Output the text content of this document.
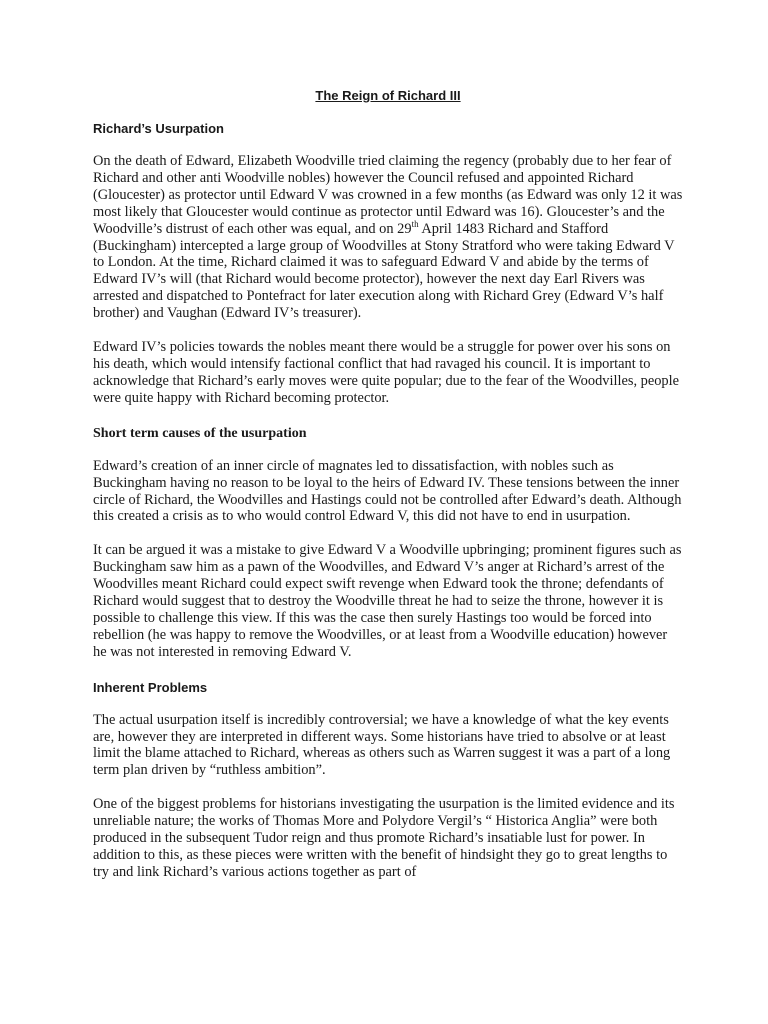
The Reign of Richard III
Richard’s Usurpation

On the death of Edward, Elizabeth Woodville tried claiming the regency (probably due to her fear of Richard and other anti Woodville nobles) however the Council refused and appointed Richard (Gloucester) as protector until Edward V was crowned in a few months (as Edward was only 12 it was most likely that Gloucester would continue as protector until Edward was 16). Gloucester’s and the Woodville’s distrust of each other was equal, and on 29th April 1483 Richard and Stafford (Buckingham) intercepted a large group of Woodvilles at Stony Stratford who were taking Edward V to London. At the time, Richard claimed it was to safeguard Edward V and abide by the terms of Edward IV’s will (that Richard would become protector), however the next day Earl Rivers was arrested and dispatched to Pontefract for later execution along with Richard Grey (Edward V’s half brother) and Vaughan (Edward IV’s treasurer).

Edward IV’s policies towards the nobles meant there would be a struggle for power over his sons on his death, which would intensify factional conflict that had ravaged his council. It is important to acknowledge that Richard’s early moves were quite popular; due to the fear of the Woodvilles, people were quite happy with Richard becoming protector.

Short term causes of the usurpation

Edward’s creation of an inner circle of magnates led to dissatisfaction, with nobles such as Buckingham having no reason to be loyal to the heirs of Edward IV. These tensions between the inner circle of Richard, the Woodvilles and Hastings could not be controlled after Edward’s death. Although this created a crisis as to who would control Edward V, this did not have to end in usurpation.

It can be argued it was a mistake to give Edward V a Woodville upbringing; prominent figures such as Buckingham saw him as a pawn of the Woodvilles, and Edward V’s anger at Richard’s arrest of the Woodvilles meant Richard could expect swift revenge when Edward took the throne; defendants of Richard would suggest that to destroy the Woodville threat he had to seize the throne, however it is possible to challenge this view. If this was the case then surely Hastings too would be forced into rebellion (he was happy to remove the Woodvilles, or at least from a Woodville education) however he was not interested in removing Edward V.

Inherent Problems

The actual usurpation itself is incredibly controversial; we have a knowledge of what the key events are, however they are interpreted in different ways. Some historians have tried to absolve or at least limit the blame attached to Richard, whereas as others such as Warren suggest it was a part of a long term plan driven by “ruthless ambition”.

One of the biggest problems for historians investigating the usurpation is the limited evidence and its unreliable nature; the works of Thomas More and Polydore Vergil’s “ Historica Anglia” were both produced in the subsequent Tudor reign and thus promote Richard’s insatiable lust for power. In addition to this, as these pieces were written with the benefit of hindsight they go to great lengths to try and link Richard’s various actions together as part of
